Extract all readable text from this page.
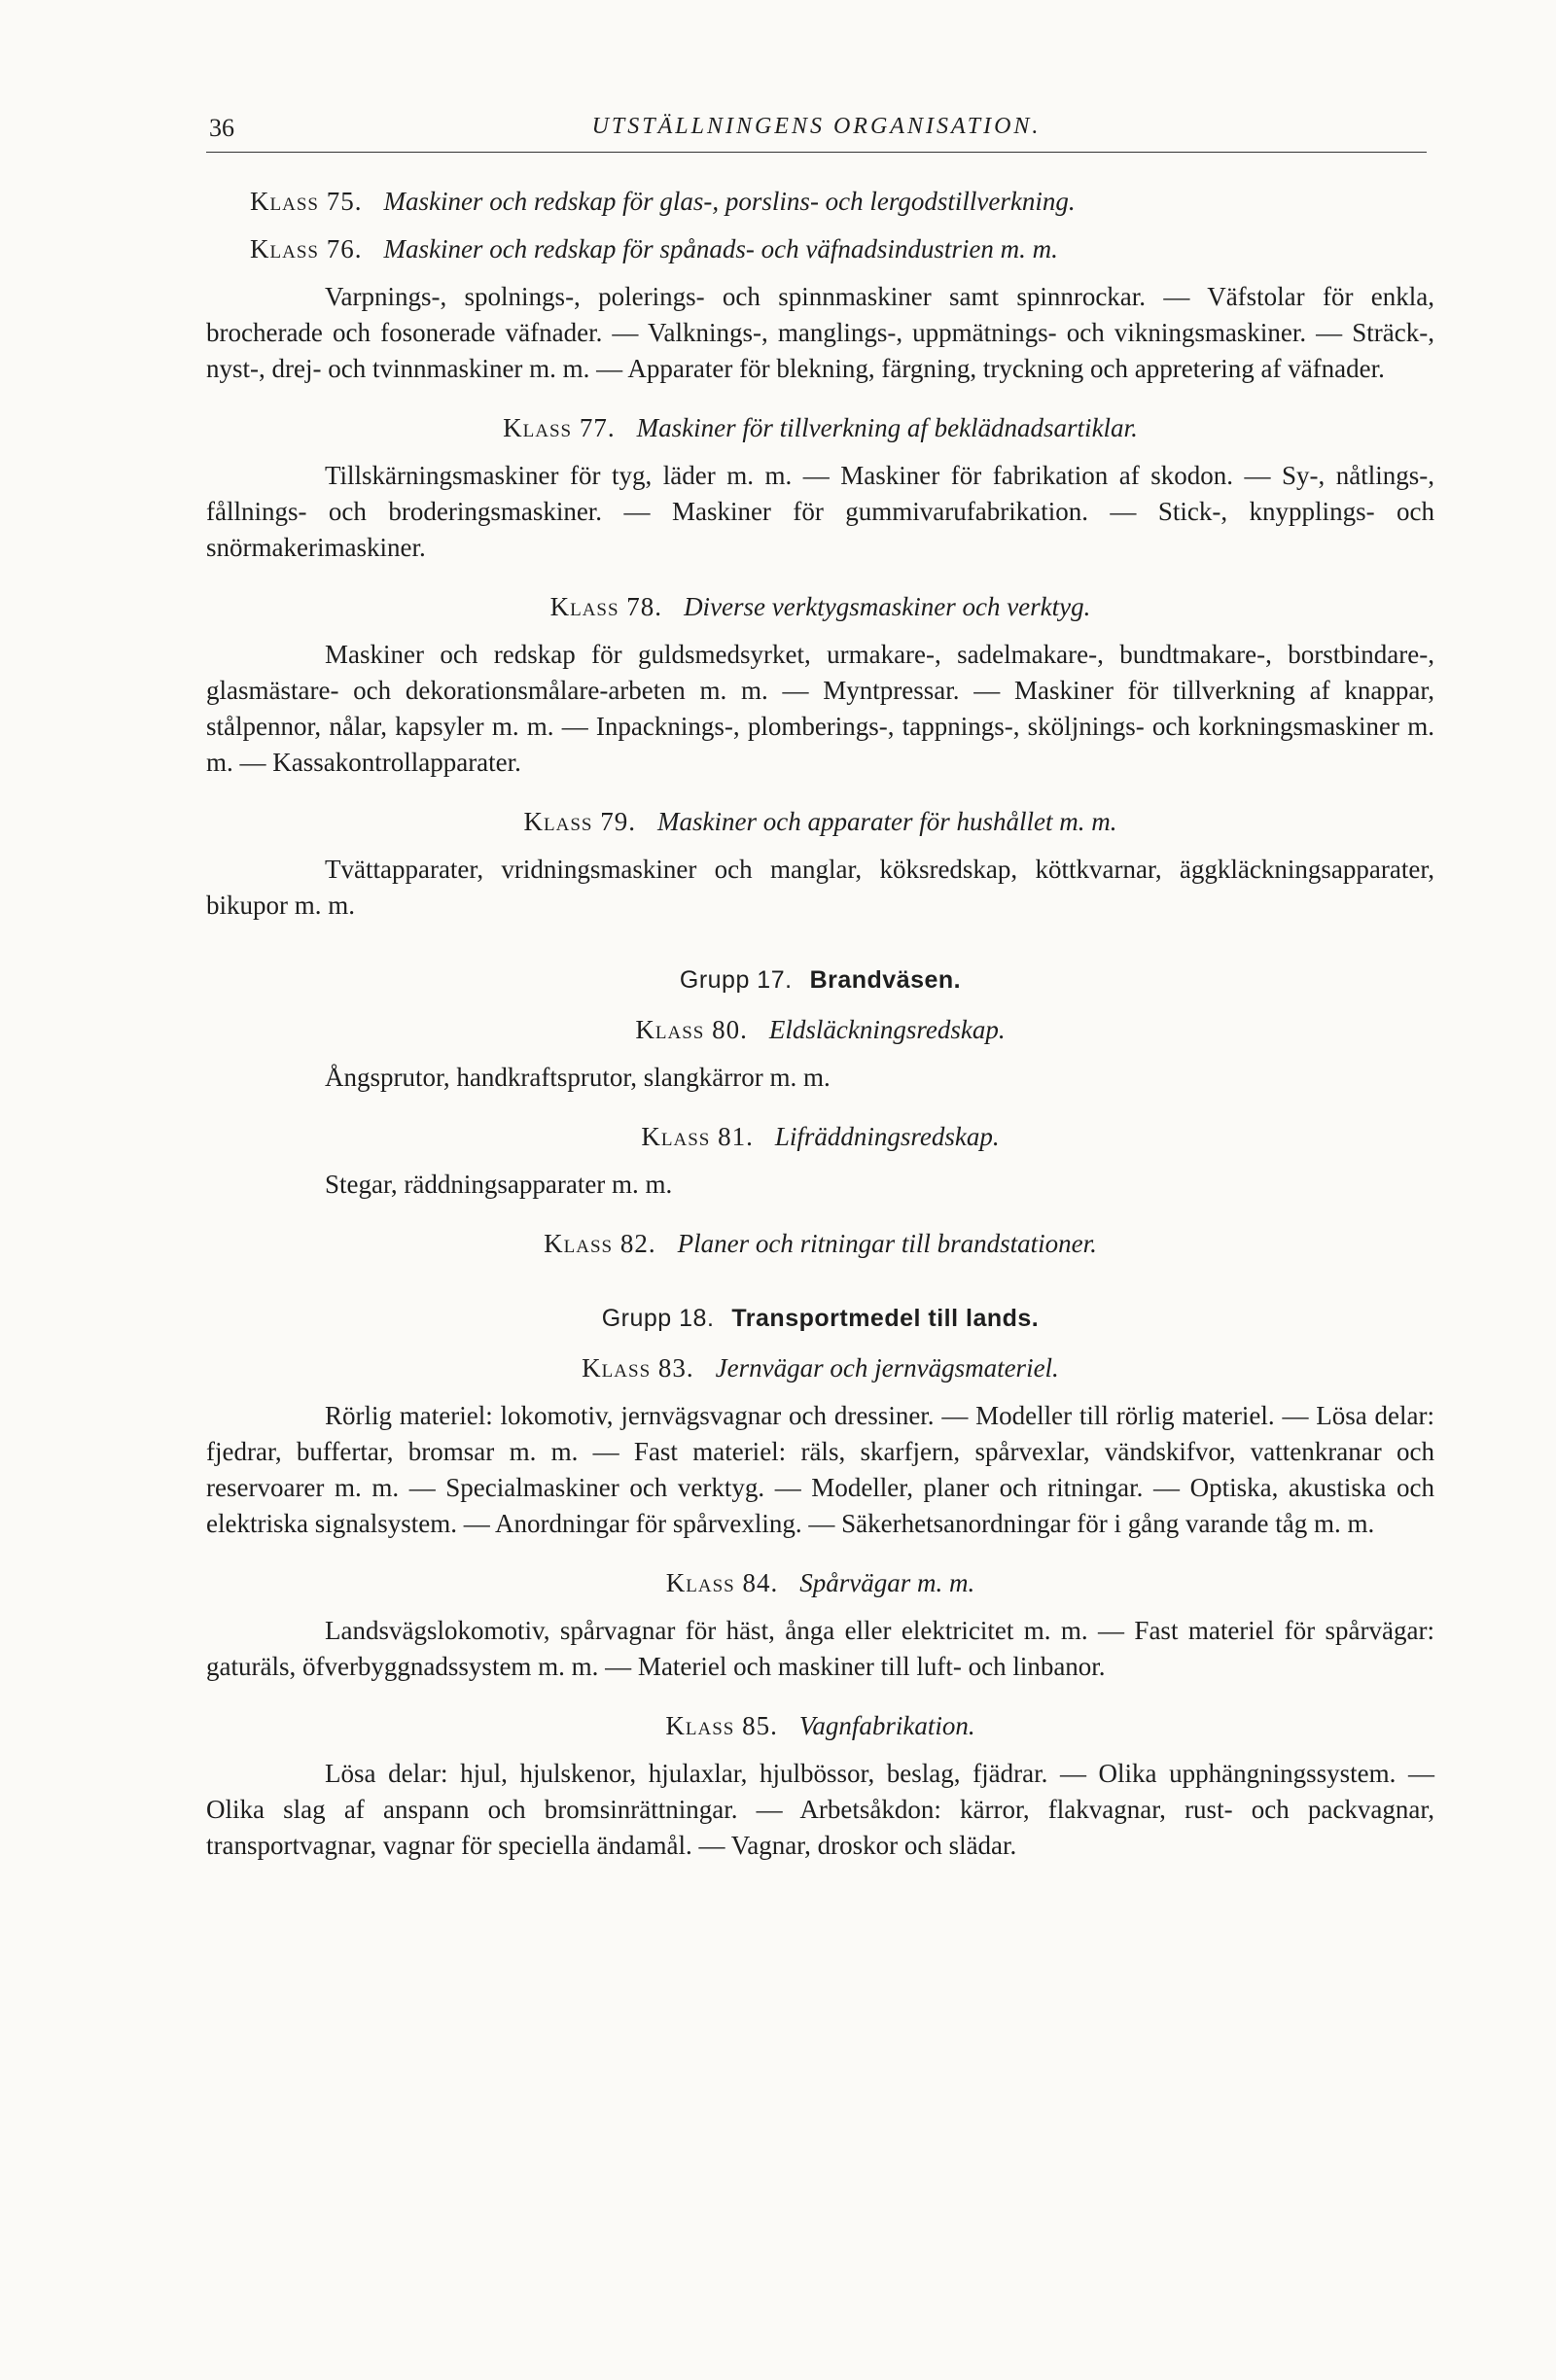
36	UTSTÄLLNINGENS ORGANISATION.

Klass 75. Maskiner och redskap för glas-, porslins- och lergodstillverkning.

Klass 76. Maskiner och redskap för spånads- och väfnadsindustrien m. m.

Varpnings-, spolnings-, polerings- och spinnmaskiner samt spinnrockar. — Väfstolar för enkla, brocherade och fosonerade väfnader. — Valknings-, manglings-, uppmätnings- och vikningsmaskiner. — Sträck-, nyst-, drej- och tvinnmaskiner m. m. — Apparater för blekning, färgning, tryckning och appretering af väfnader.

Klass 77. Maskiner för tillverkning af beklädnadsartiklar.

Tillskärningsmaskiner för tyg, läder m. m. — Maskiner för fabrikation af skodon. — Sy-, nåtlings-, fållnings- och broderingsmaskiner. — Maskiner för gummivarufabrikation. — Stick-, knypplings- och snörmakerimaskiner.

Klass 78. Diverse verktygsmaskiner och verktyg.

Maskiner och redskap för guldsmedsyrket, urmakare-, sadelmakare-, bundtmakare-, borstbindare-, glasmästare- och dekorationsmålare-arbeten m. m. — Myntpressar. — Maskiner för tillverkning af knappar, stålpennor, nålar, kapsyler m. m. — Inpacknings-, plomberings-, tappnings-, sköljnings- och korkningsmaskiner m. m. — Kassakontrollapparater.

Klass 79. Maskiner och apparater för hushållet m. m.

Tvättapparater, vridningsmaskiner och manglar, köksredskap, köttkvarnar, äggkläckningsapparater, bikupor m. m.

Grupp 17. Brandväsen.

Klass 80. Eldsläckningsredskap.

Ångsprutor, handkraftsprutor, slangkärror m. m.

Klass 81. Lifräddningsredskap.

Stegar, räddningsapparater m. m.

Klass 82. Planer och ritningar till brandstationer.

Grupp 18. Transportmedel till lands.

Klass 83. Jernvägar och jernvägsmateriel.

Rörlig materiel: lokomotiv, jernvägsvagnar och dressiner. — Modeller till rörlig materiel. — Lösa delar: fjedrar, buffertar, bromsar m. m. — Fast materiel: räls, skarfjern, spårvexlar, vändskifvor, vattenkranar och reservoarer m. m. — Specialmaskiner och verktyg. — Modeller, planer och ritningar. — Optiska, akustiska och elektriska signalsystem. — Anordningar för spårvexling. — Säkerhetsanordningar för i gång varande tåg m. m.

Klass 84. Spårvägar m. m.

Landsvägslokomotiv, spårvagnar för häst, ånga eller elektricitet m. m. — Fast materiel för spårvägar: gaturäls, öfverbyggnadssystem m. m. — Materiel och maskiner till luft- och linbanor.

Klass 85. Vagnfabrikation.

Lösa delar: hjul, hjulskenor, hjulaxlar, hjulbössor, beslag, fjädrar. — Olika upphängningssystem. — Olika slag af anspann och bromsinrättningar. — Arbetsåkdon: kärror, flakvagnar, rust- och packvagnar, transportvagnar, vagnar för speciella ändamål. — Vagnar, droskor och slädar.
